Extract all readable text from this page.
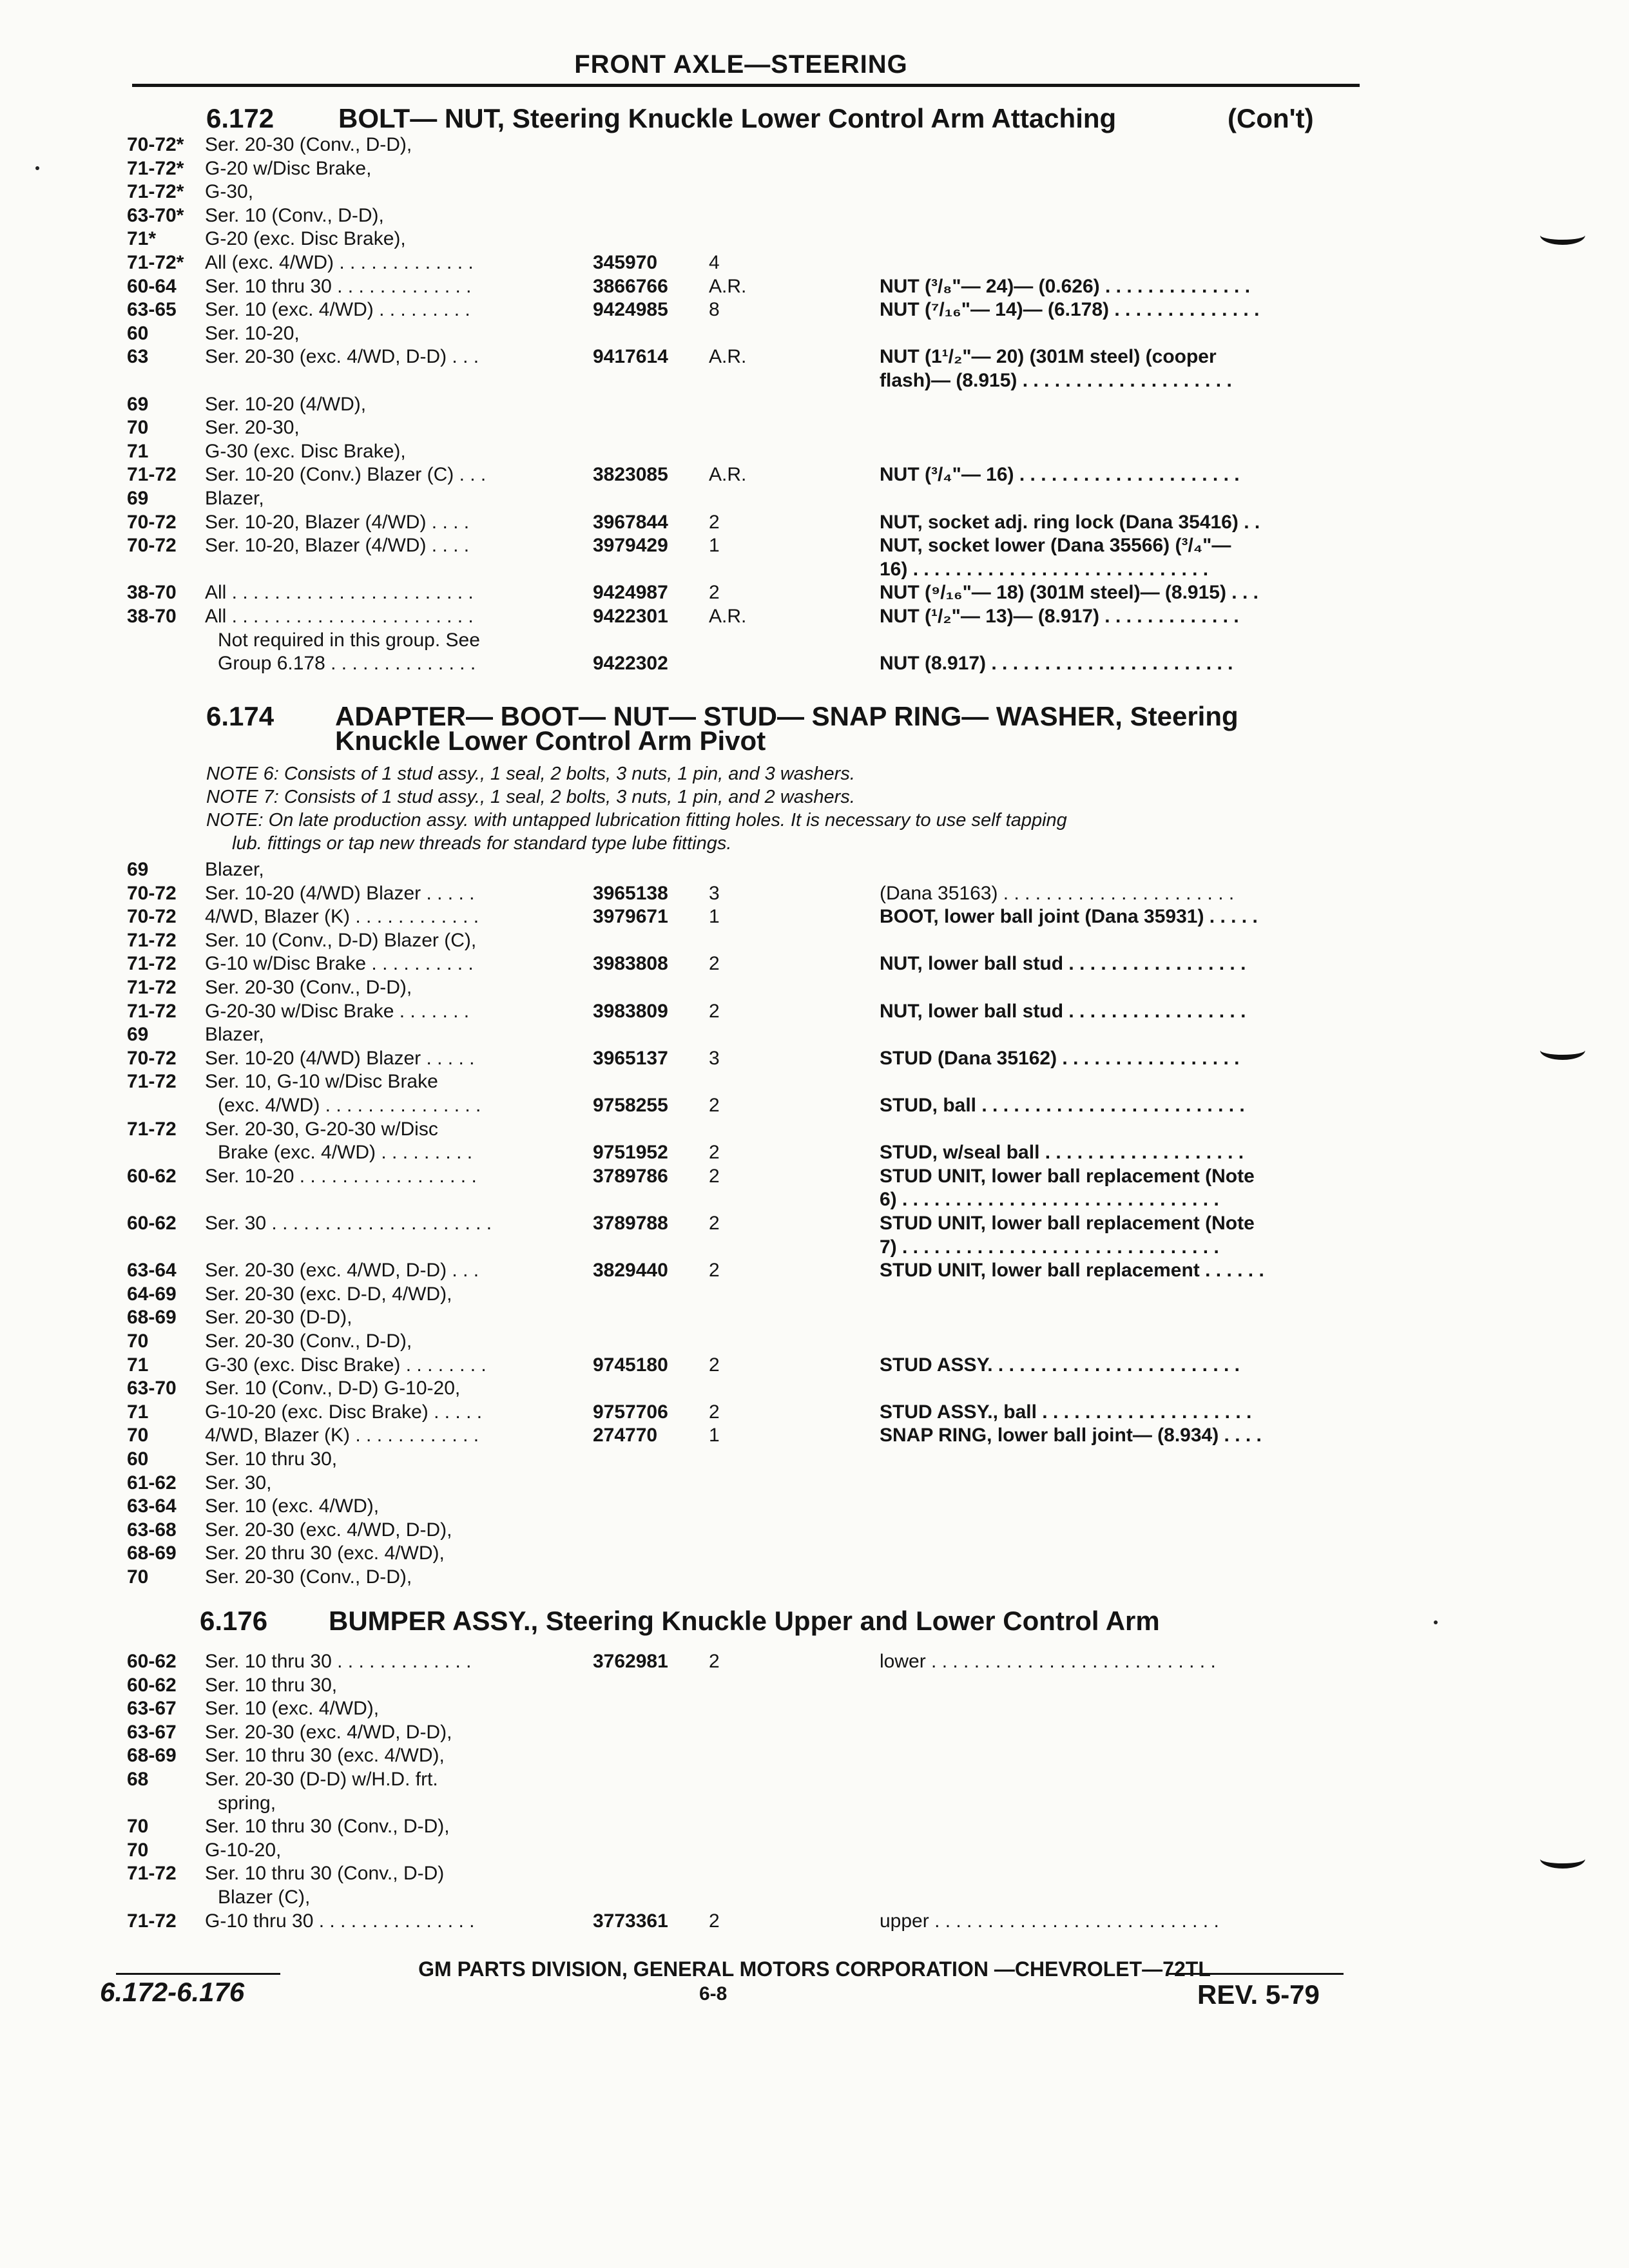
FRONT AXLE—STEERING
6.172 BOLT— NUT, Steering Knuckle Lower Control Arm Attaching	(Con't)
70-72* Ser. 20-30 (Conv., D-D),
71-72* G-20 w/Disc Brake,
71-72* G-30,
63-70* Ser. 10 (Conv., D-D),
71*	G-20 (exc. Disc Brake),
71-72* All (exc. 4/WD) . . . . . . . . . . . . .	345970	4
60-64 Ser. 10 thru 30 . . . . . . . . . . . . .	3866766 A.R.	NUT (³/₈"— 24)— (0.626) . . . . . . . . . . . . . .
63-65 Ser. 10 (exc. 4/WD) . . . . . . . . .	9424985 8	NUT (⁷/₁₆"— 14)— (6.178) . . . . . . . . . . . . . .
60	Ser. 10-20,
63	Ser. 20-30 (exc. 4/WD, D-D) . . .	9417614 A.R.	NUT (1¹/₂"— 20) (301M steel) (cooper
flash)— (8.915) . . . . . . . . . . . . . . . . . . . .
69	Ser. 10-20 (4/WD),
70	Ser. 20-30,
71	G-30 (exc. Disc Brake),
71-72 Ser. 10-20 (Conv.) Blazer (C) . . .	3823085 A.R.	NUT (³/₄"— 16) . . . . . . . . . . . . . . . . . . . . .
69	Blazer,
70-72 Ser. 10-20, Blazer (4/WD) . . . .	3967844 2	NUT, socket adj. ring lock (Dana 35416) . .
70-72 Ser. 10-20, Blazer (4/WD) . . . .	3979429 1	NUT, socket lower (Dana 35566) (³/₄"—
16) . . . . . . . . . . . . . . . . . . . . . . . . . . . .
38-70 All . . . . . . . . . . . . . . . . . . . . . . .	9424987 2	NUT (⁹/₁₆"— 18) (301M steel)— (8.915) . . .
38-70 All . . . . . . . . . . . . . . . . . . . . . . .	9422301 A.R.	NUT (¹/₂"— 13)— (8.917) . . . . . . . . . . . . .
Not required in this group. See
Group 6.178 . . . . . . . . . . . . . .	9422302	NUT (8.917) . . . . . . . . . . . . . . . . . . . . . . .
6.174 ADAPTER— BOOT— NUT— STUD— SNAP RING— WASHER, Steering
Knuckle Lower Control Arm Pivot
NOTE 6: Consists of 1 stud assy., 1 seal, 2 bolts, 3 nuts, 1 pin, and 3 washers.
NOTE 7: Consists of 1 stud assy., 1 seal, 2 bolts, 3 nuts, 1 pin, and 2 washers.
NOTE: On late production assy. with untapped lubrication fitting holes. It is necessary to use self tapping
lub. fittings or tap new threads for standard type lube fittings.
69	Blazer,
70-72 Ser. 10-20 (4/WD) Blazer . . . . .	3965138 3	(Dana 35163) . . . . . . . . . . . . . . . . . . . . . .
70-72 4/WD, Blazer (K) . . . . . . . . . . . .	3979671 1	BOOT, lower ball joint (Dana 35931) . . . . .
71-72 Ser. 10 (Conv., D-D) Blazer (C),
71-72 G-10 w/Disc Brake . . . . . . . . . .	3983808 2	NUT, lower ball stud . . . . . . . . . . . . . . . . .
71-72 Ser. 20-30 (Conv., D-D),
71-72 G-20-30 w/Disc Brake . . . . . . .	3983809 2	NUT, lower ball stud . . . . . . . . . . . . . . . . .
69	Blazer,
70-72 Ser. 10-20 (4/WD) Blazer . . . . .	3965137 3	STUD (Dana 35162) . . . . . . . . . . . . . . . . .
71-72 Ser. 10, G-10 w/Disc Brake
(exc. 4/WD) . . . . . . . . . . . . . . .	9758255 2	STUD, ball . . . . . . . . . . . . . . . . . . . . . . . . .
71-72 Ser. 20-30, G-20-30 w/Disc
Brake (exc. 4/WD) . . . . . . . . .	9751952 2	STUD, w/seal ball . . . . . . . . . . . . . . . . . . .
60-62 Ser. 10-20 . . . . . . . . . . . . . . . . .	3789786 2	STUD UNIT, lower ball replacement (Note
6) . . . . . . . . . . . . . . . . . . . . . . . . . . . . . .
60-62 Ser. 30 . . . . . . . . . . . . . . . . . . . . .	3789788 2	STUD UNIT, lower ball replacement (Note
7) . . . . . . . . . . . . . . . . . . . . . . . . . . . . . .
63-64 Ser. 20-30 (exc. 4/WD, D-D) . . .	3829440 2	STUD UNIT, lower ball replacement . . . . . .
64-69 Ser. 20-30 (exc. D-D, 4/WD),
68-69 Ser. 20-30 (D-D),
70	Ser. 20-30 (Conv., D-D),
71	G-30 (exc. Disc Brake) . . . . . . . .	9745180 2	STUD ASSY. . . . . . . . . . . . . . . . . . . . . . . .
63-70 Ser. 10 (Conv., D-D) G-10-20,
71	G-10-20 (exc. Disc Brake) . . . . .	9757706 2	STUD ASSY., ball . . . . . . . . . . . . . . . . . . . .
70	4/WD, Blazer (K) . . . . . . . . . . . .	274770	1	SNAP RING, lower ball joint— (8.934) . . . .
60	Ser. 10 thru 30,
61-62 Ser. 30,
63-64 Ser. 10 (exc. 4/WD),
63-68 Ser. 20-30 (exc. 4/WD, D-D),
68-69 Ser. 20 thru 30 (exc. 4/WD),
70	Ser. 20-30 (Conv., D-D),
6.176 BUMPER ASSY., Steering Knuckle Upper and Lower Control Arm
60-62 Ser. 10 thru 30 . . . . . . . . . . . . .	3762981 2	lower . . . . . . . . . . . . . . . . . . . . . . . . . . .
60-62 Ser. 10 thru 30,
63-67 Ser. 10 (exc. 4/WD),
63-67 Ser. 20-30 (exc. 4/WD, D-D),
68-69 Ser. 10 thru 30 (exc. 4/WD),
68	Ser. 20-30 (D-D) w/H.D. frt.
spring,
70	Ser. 10 thru 30 (Conv., D-D),
70	G-10-20,
71-72 Ser. 10 thru 30 (Conv., D-D)
Blazer (C),
71-72 G-10 thru 30 . . . . . . . . . . . . . . .	3773361 2	upper . . . . . . . . . . . . . . . . . . . . . . . . . . .
GM PARTS DIVISION, GENERAL MOTORS CORPORATION —CHEVROLET—72TL
6.172-6.176	6-8	REV. 5-79
